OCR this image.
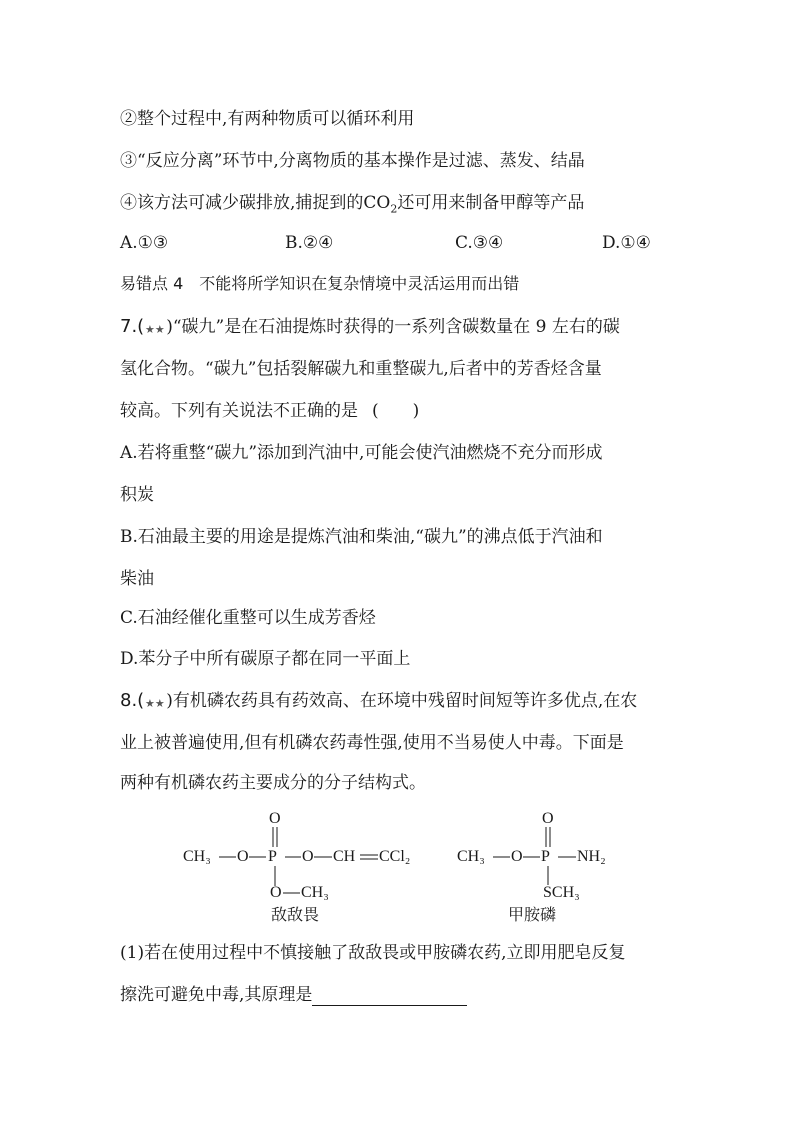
②整个过程中,有两种物质可以循环利用
③“反应分离”环节中,分离物质的基本操作是过滤、蒸发、结晶
④该方法可减少碳排放,捕捉到的$CO_2$还可用来制备甲醇等产品
A.①③	B.②④	C.③④	D.①④
易错点 4　不能将所学知识在复杂情境中灵活运用而出错
7.( ★★ )“碳九”是在石油提炼时获得的一系列含碳数量在 9 左右的碳
氢化合物。“碳九”包括裂解碳九和重整碳九,后者中的芳香烃含量
较高。下列有关说法不正确的是 (　　)
A.若将重整“碳九”添加到汽油中,可能会使汽油燃烧不充分而形成
积炭
B.石油最主要的用途是提炼汽油和柴油,“碳九”的沸点低于汽油和
柴油
C.石油经催化重整可以生成芳香烃
D.苯分子中所有碳原子都在同一平面上
8.( ★★ )有机磷农药具有药效高、在环境中残留时间短等许多优点,在农
业上被普遍使用,但有机磷农药毒性强,使用不当易使人中毒。下面是
两种有机磷农药主要成分的分子结构式。
O
CH₃ O P O CH CCl₂
O CH₃
敌敌畏
O
CH₃ O P NH₂
SCH₃
甲胺磷
(1)若在使用过程中不慎接触了敌敌畏或甲胺磷农药,立即用肥皂反复
擦洗可避免中毒,其原理是
